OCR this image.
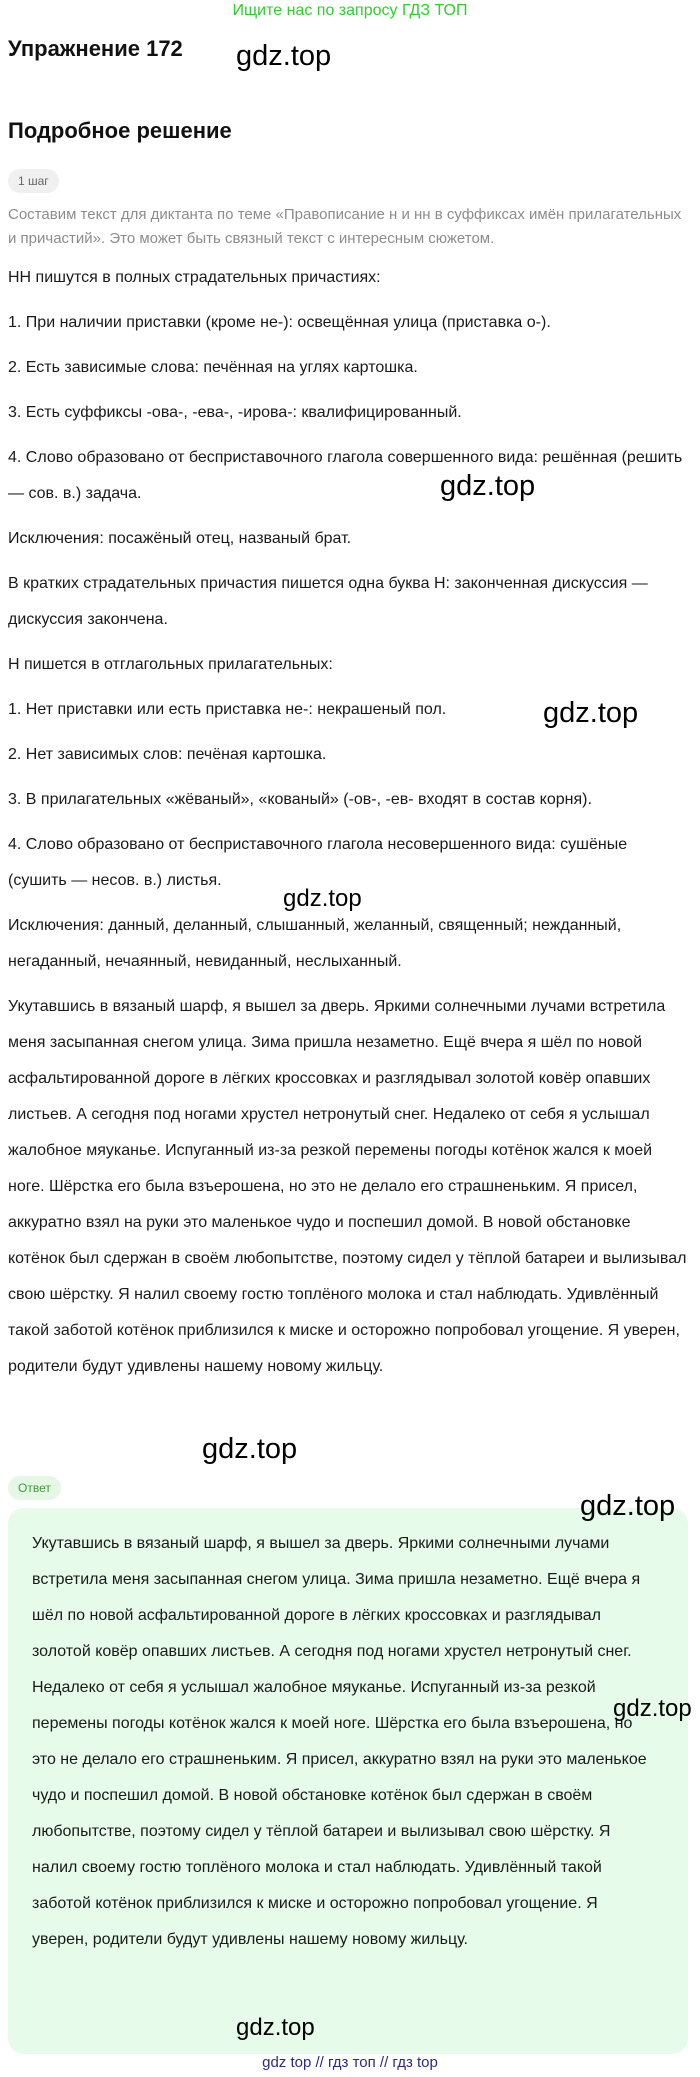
Ищите нас по запросу ГДЗ ТОП
Упражнение 172
Подробное решение
1 шаг
Составим текст для диктанта по теме «Правописание н и нн в суффиксах имён прилагательных и причастий». Это может быть связный текст с интересным сюжетом.

НН пишутся в полных страдательных причастиях:

1. При наличии приставки (кроме не-): освещённая улица (приставка о-).

2. Есть зависимые слова: печённая на углях картошка.

3. Есть суффиксы -ова-, -ева-, -ирова-: квалифицированный.

4. Слово образовано от бесприставочного глагола совершенного вида: решённая (решить — сов. в.) задача.

Исключения: посажёный отец, названый брат.

В кратких страдательных причастия пишется одна буква Н: законченная дискуссия — дискуссия закончена.

Н пишется в отглагольных прилагательных:

1. Нет приставки или есть приставка не-: некрашеный пол.

2. Нет зависимых слов: печёная картошка.

3. В прилагательных «жёваный», «кованый» (-ов-, -ев- входят в состав корня).

4. Слово образовано от бесприставочного глагола несовершенного вида: сушёные (сушить — несов. в.) листья.

Исключения: данный, деланный, слышанный, желанный, священный; нежданный, негаданный, нечаянный, невиданный, неслыханный.

Укутавшись в вязаный шарф, я вышел за дверь. Яркими солнечными лучами встретила меня засыпанная снегом улица. Зима пришла незаметно. Ещё вчера я шёл по новой асфальтированной дороге в лёгких кроссовках и разглядывал золотой ковёр опавших листьев. А сегодня под ногами хрустел нетронутый снег. Недалеко от себя я услышал жалобное мяуканье. Испуганный из-за резкой перемены погоды котёнок жался к моей ноге. Шёрстка его была взъерошена, но это не делало его страшненьким. Я присел, аккуратно взял на руки это маленькое чудо и поспешил домой. В новой обстановке котёнок был сдержан в своём любопытстве, поэтому сидел у тёплой батареи и вылизывал свою шёрстку. Я налил своему гостю топлёного молока и стал наблюдать. Удивлённый такой заботой котёнок приблизился к миске и осторожно попробовал угощение. Я уверен, родители будут удивлены нашему новому жильцу.

Ответ
Укутавшись в вязаный шарф, я вышел за дверь. Яркими солнечными лучами встретила меня засыпанная снегом улица. Зима пришла незаметно. Ещё вчера я шёл по новой асфальтированной дороге в лёгких кроссовках и разглядывал золотой ковёр опавших листьев. А сегодня под ногами хрустел нетронутый снег. Недалеко от себя я услышал жалобное мяуканье. Испуганный из-за резкой перемены погоды котёнок жался к моей ноге. Шёрстка его была взъерошена, но это не делало его страшненьким. Я присел, аккуратно взял на руки это маленькое чудо и поспешил домой. В новой обстановке котёнок был сдержан в своём любопытстве, поэтому сидел у тёплой батареи и вылизывал свою шёрстку. Я налил своему гостю топлёного молока и стал наблюдать. Удивлённый такой заботой котёнок приблизился к миске и осторожно попробовал угощение. Я уверен, родители будут удивлены нашему новому жильцу.
gdz.top
gdz.top
gdz.top
gdz.top
gdz.top
gdz.top
gdz.top
gdz.top
gdz top // гдз топ // гдз top
